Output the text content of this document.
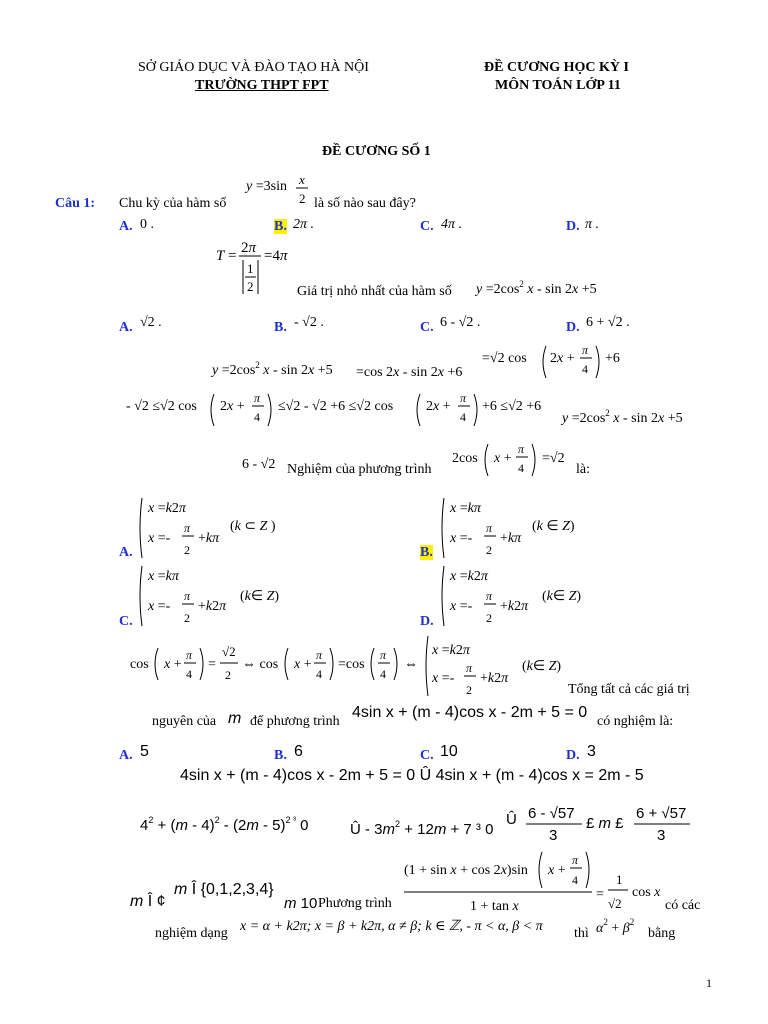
SỞ GIÁO DỤC VÀ ĐÀO TẠO HÀ NỘI
TRƯỜNG THPT FPT
ĐỀ CƯƠNG HỌC KỲ I
MÔN TOÁN LỚP 11
ĐỀ CƯƠNG SỐ 1
Câu 1: Chu kỳ của hàm số
y =3sin x
2 là số nào sau đây?
A. 0 .	B. 2π .	C. 4π .	D. π .
T = 2π
1
2
=4π
Giá trị nhỏ nhất của hàm số $y =2\cos^2$ x - sin 2x +5
A. √2 .	B. - √2 .	C. 6 - √2 .	D. 6 + √2 .
$y =2\cos^2$ x - sin 2x +5 =cos 2x - sin 2x +6
=√2 cos 2x +
π
4
+6
- √2 ≤√2 cos 2x +
π
4
≤√2 - √2 +6 ≤√2 cos 2x +
π
4
+6 ≤√2 +6
$y =2\cos^2$ x - sin 2x +5
6 - √2 Nghiệm của phương trình
2cos x +
π
4
=√2
là:
A.
x =k2π
x =-
π
2
+kπ
(k ⊂ Z )
B.
x =kπ
x =-
π
2
+kπ
(k ∈ Z)
C.
x =kπ
x =-
π
2
+k2π
(k∈ Z)
D.
x =k2π
x =-
π
2
+k2π
(k∈ Z)
cos x +
π
4
=
√2
2
⇔ cos x +
π
4
=cos
π
4
⇔
x =k2π
x =-
π
2
+k2π
(k∈ Z)
Tổng tất cả các giá trị
nguyên của m để phương trình
4sin x + (m - 4)cos x - 2m + 5 = 0
có nghiệm là:
A. 5	B. 6	C. 10	D. 3
4sin x + (m - 4)cos x - 2m + 5 = 0 Û 4sin x + (m - 4)cos x = 2m - 5
$4^2 + (m - 4)^2 - (2m - 5)^{2 ^3}$ 0	Û - $3m^2 + 12m + 7$ ³ 0
Û 6 - √57
3
£ m £
6 + √57
3
m Î ¢
m Î {0,1,2,3,4}
m 10 Phương trình
(1 + sin x + cos 2x)sin x +
π
4
1 + tan x
=
1
√2
cos x
có các
nghiệm dạng x = α + k2π; x = β + k2π, α ≠ β; k ∈ ℤ, - π < α, β < π thì $\alpha^2 + \beta^2$
bằng
1
